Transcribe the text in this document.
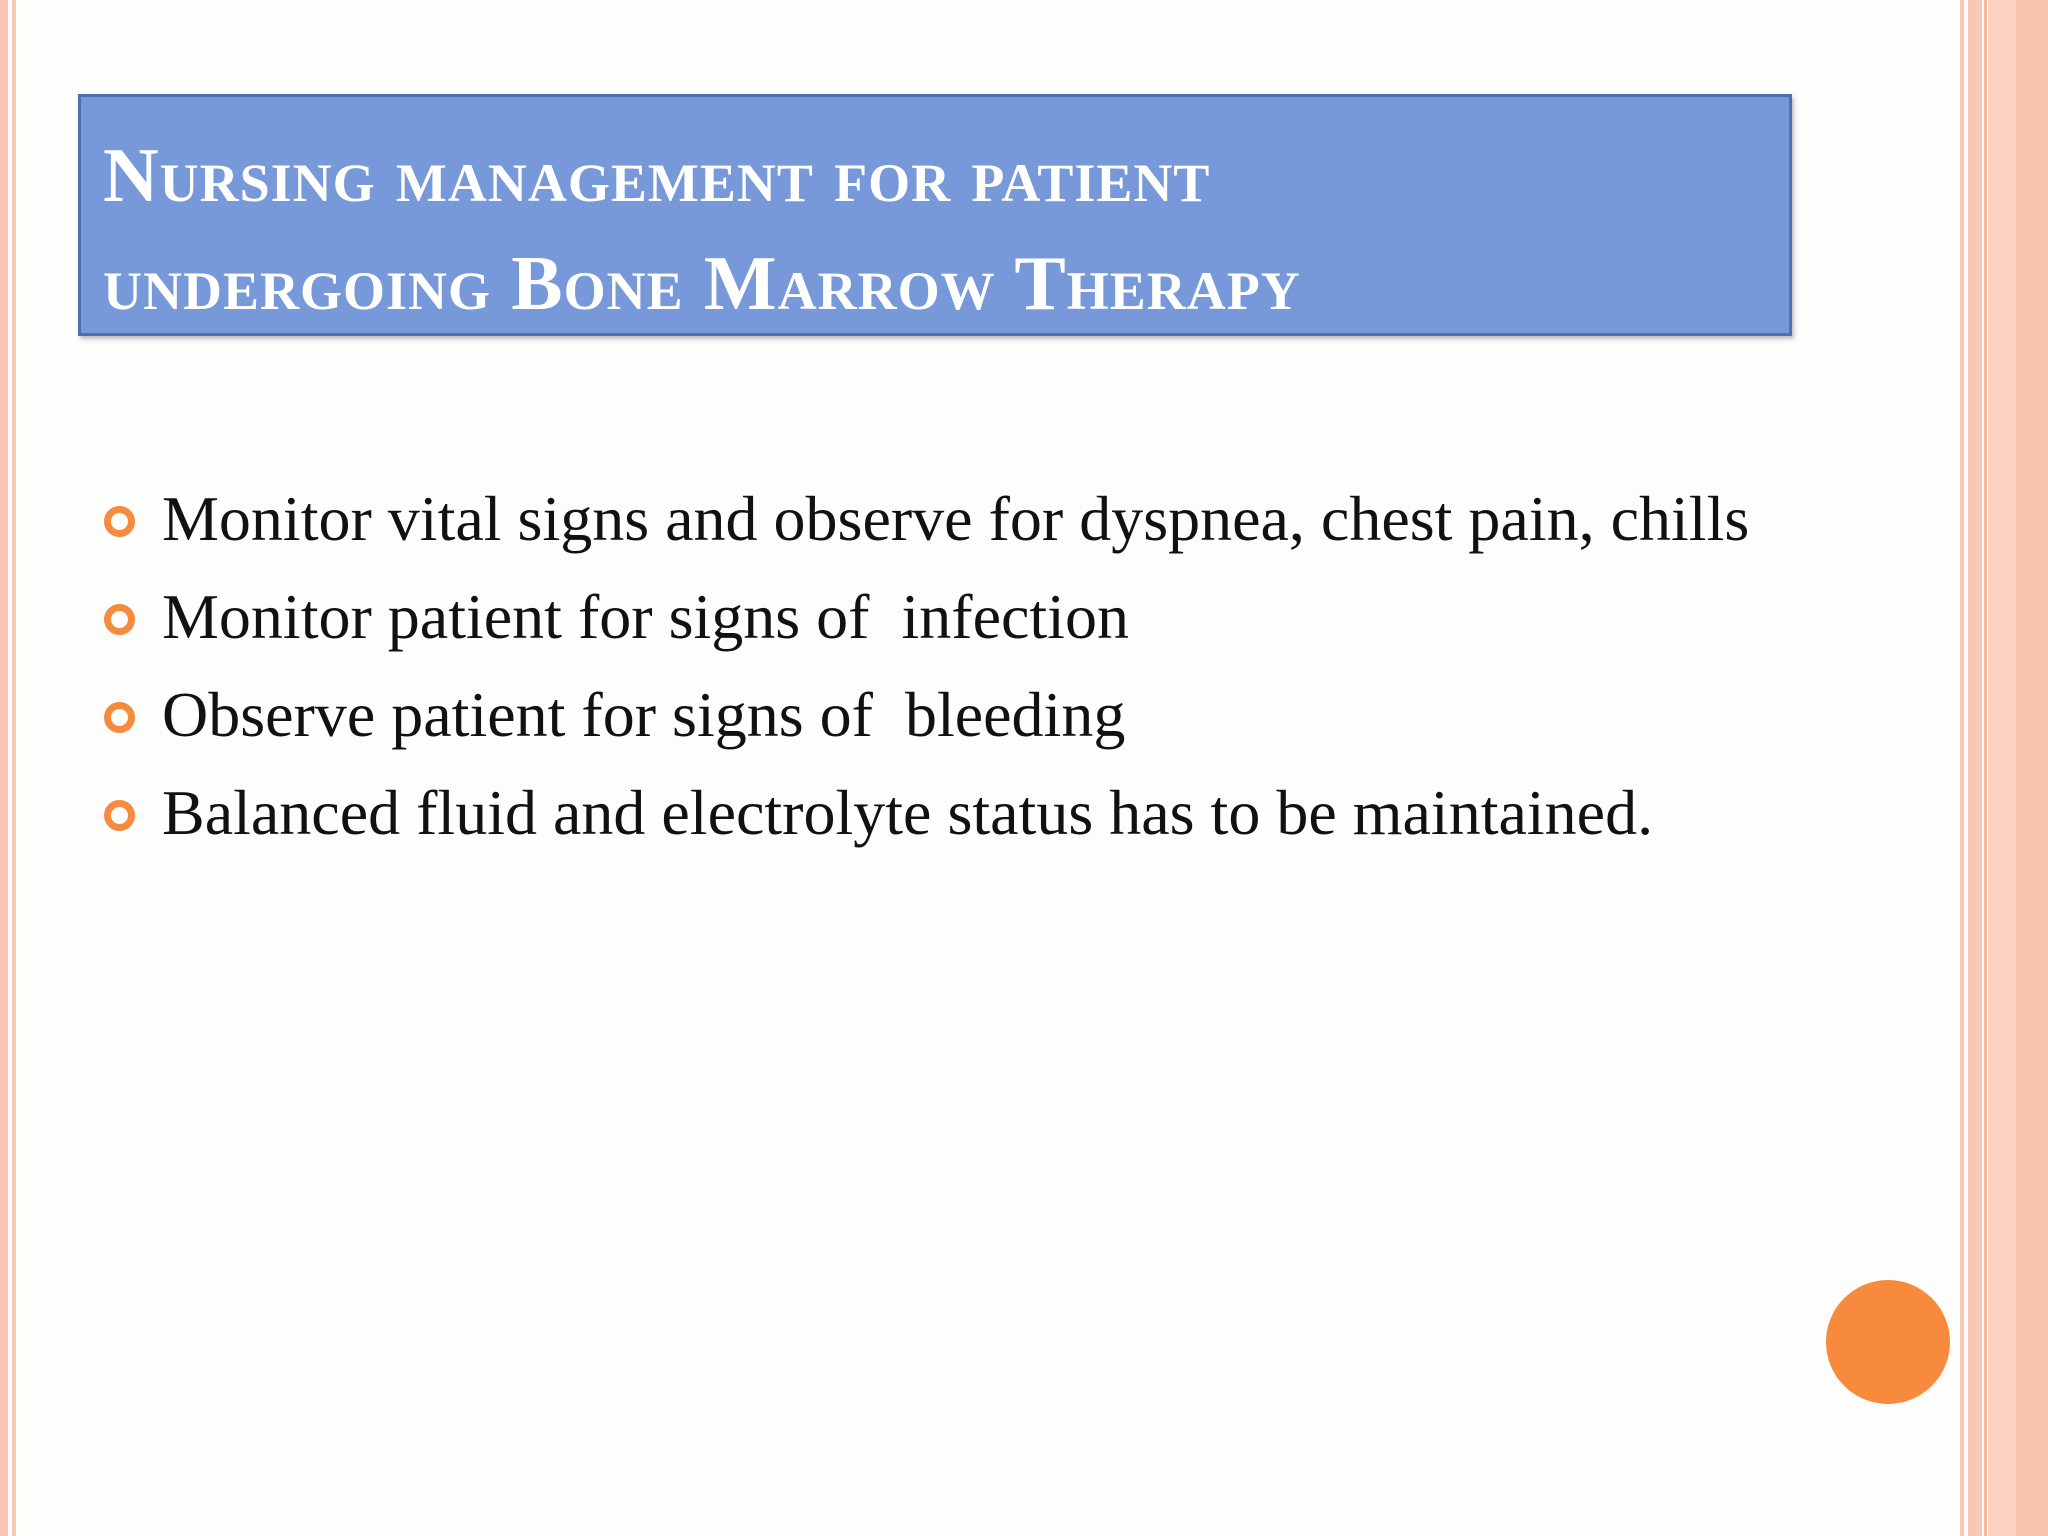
Nursing management for patient
undergoing Bone Marrow Therapy
Monitor vital signs and observe for dyspnea, chest pain, chills
Monitor patient for signs of  infection
Observe patient for signs of  bleeding
Balanced fluid and electrolyte status has to be maintained.
